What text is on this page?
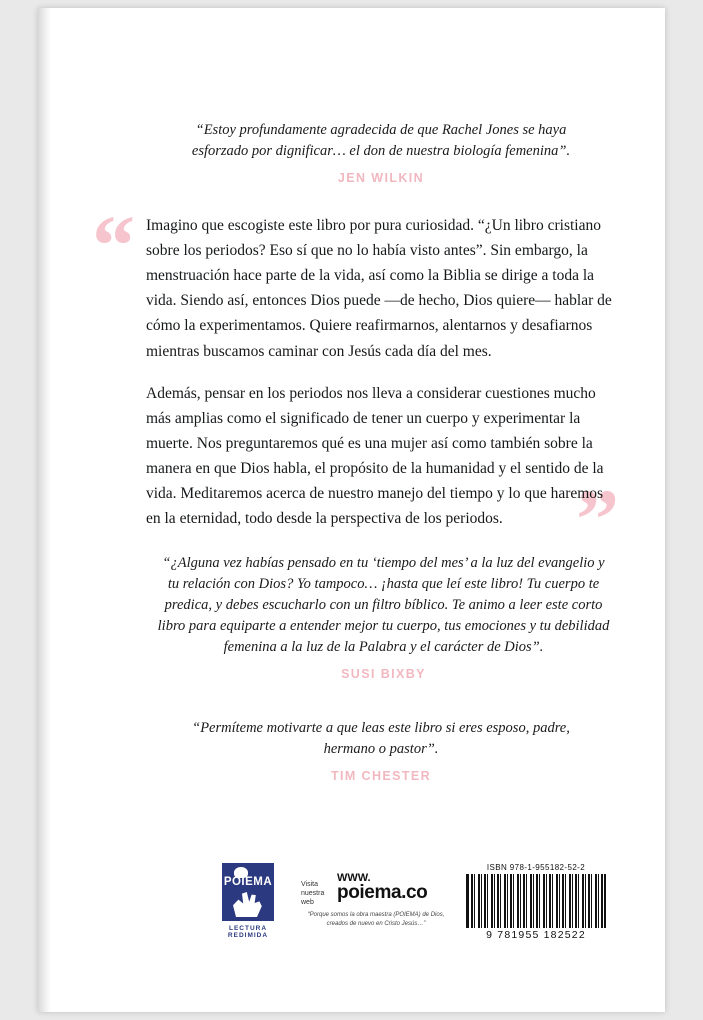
“Estoy profundamente agradecida de que Rachel Jones se haya esforzado por dignificar… el don de nuestra biología femenina”.
JEN WILKIN
“
”

Imagino que escogiste este libro por pura curiosidad. “¿Un libro cristiano sobre los periodos? Eso sí que no lo había visto antes”. Sin embargo, la menstruación hace parte de la vida, así como la Biblia se dirige a toda la vida. Siendo así, entonces Dios puede —de hecho, Dios quiere— hablar de cómo la experimentamos. Quiere reafirmarnos, alentarnos y desafiarnos mientras buscamos caminar con Jesús cada día del mes.

Además, pensar en los periodos nos lleva a considerar cuestiones mucho más amplias como el significado de tener un cuerpo y experimentar la muerte. Nos preguntaremos qué es una mujer así como también sobre la manera en que Dios habla, el propósito de la humanidad y el sentido de la vida. Meditaremos acerca de nuestro manejo del tiempo y lo que haremos en la eternidad, todo desde la perspectiva de los periodos.

“¿Alguna vez habías pensado en tu ‘tiempo del mes’ a la luz del evangelio y tu relación con Dios? Yo tampoco… ¡hasta que leí este libro! Tu cuerpo te predica, y debes escucharlo con un filtro bíblico. Te animo a leer este corto libro para equiparte a entender mejor tu cuerpo, tus emociones y tu debilidad femenina a la luz de la Palabra y el carácter de Dios”.
SUSI BIXBY
“Permíteme motivarte a que leas este libro si eres esposo, padre, hermano o pastor”.
TIM CHESTER
POIEMA
LECTURA REDIMIDA
Visita nuestra web
WWW.
poiema.co
“Porque somos la obra maestra (POIEMA) de Dios, creados de nuevo en Cristo Jesús…”
ISBN 978-1-955182-52-2
9 781955 182522
